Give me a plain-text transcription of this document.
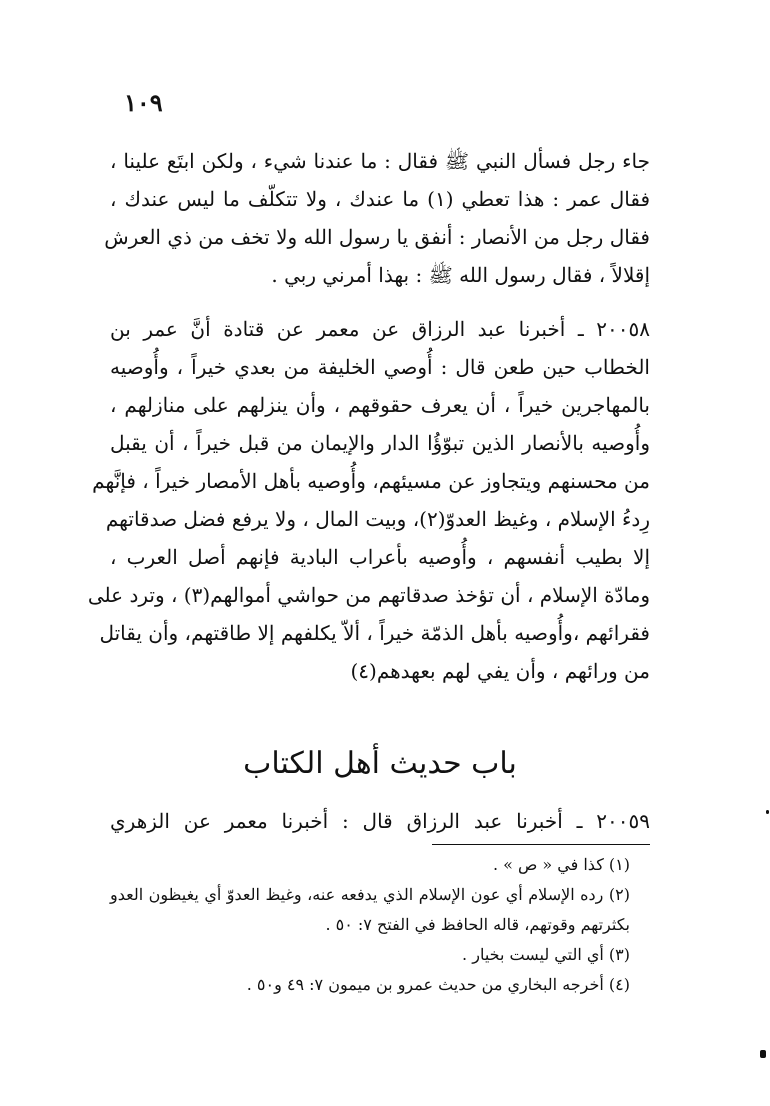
١٠٩
جاء رجل فسأل النبي ﷺ فقال : ما عندنا شيء ، ولكن ابتَع علينا ،
فقال عمر : هذا تعطي (١) ما عندك ، ولا تتكلّف ما ليس عندك ،
فقال رجل من الأنصار : أنفق يا رسول الله ولا تخف من ذي العرش
إقلالاً ، فقال رسول الله ﷺ : بهذا أمرني ربي .
٢٠٠٥٨ ـ أخبرنا عبد الرزاق عن معمر عن قتادة أنَّ عمر بن
الخطاب حين طعن قال : أُوصي الخليفة من بعدي خيراً ، وأُوصيه
بالمهاجرين خيراً ، أن يعرف حقوقهم ، وأن ينزلهم على منازلهم ،
وأُوصيه بالأنصار الذين تبوّؤُا الدار والإيمان من قبل خيراً ، أن يقبل
من محسنهم ويتجاوز عن مسيئهم، وأُوصيه بأهل الأمصار خيراً ، فإنَّهم
رِدءُ الإسلام ، وغيظ العدوّ(٢)، وبيت المال ، ولا يرفع فضل صدقاتهم
إلا بطيب أنفسهم ، وأُوصيه بأعراب البادية فإنهم أصل العرب ،
ومادّة الإسلام ، أن تؤخذ صدقاتهم من حواشي أموالهم(٣) ، وترد على
فقرائهم ،وأُوصيه بأهل الذمّة خيراً ، ألاّ يكلفهم إلا طاقتهم، وأن يقاتل
من ورائهم ، وأن يفي لهم بعهدهم(٤)
باب حديث أهل الكتاب
٢٠٠٥٩ ـ أخبرنا عبد الرزاق قال : أخبرنا معمر عن الزهري
(١) كذا في « ص » .
(٢) رده الإسلام أي عون الإسلام الذي يدفعه عنه، وغيظ العدوّ أي يغيظون العدو
بكثرتهم وقوتهم، قاله الحافظ في الفتح ٧: ٥٠ .
(٣) أي التي ليست بخيار .
(٤) أخرجه البخاري من حديث عمرو بن ميمون ٧: ٤٩ و٥٠ .
